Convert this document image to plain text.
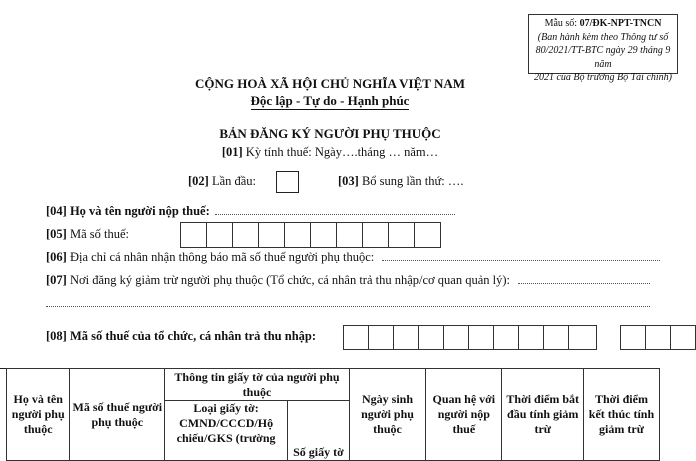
Mẫu số: 07/ĐK-NPT-TNCN
(Ban hành kèm theo Thông tư số
80/2021/TT-BTC ngày 29 tháng 9 năm
2021 của Bộ trưởng Bộ Tài chính)
CỘNG HOÀ XÃ HỘI CHỦ NGHĨA VIỆT NAM
Độc lập - Tự do - Hạnh phúc
BẢN ĐĂNG KÝ NGƯỜI PHỤ THUỘC
[01] Kỳ tính thuế: Ngày….tháng … năm…
[02] Lần đầu:	[03] Bổ sung lần thứ: ….
[04] Họ và tên người nộp thuế:
[05] Mã số thuế:
[06] Địa chỉ cá nhân nhận thông báo mã số thuế người phụ thuộc:
[07] Nơi đăng ký giảm trừ người phụ thuộc (Tổ chức, cá nhân trả thu nhập/cơ quan quản lý):
[08] Mã số thuế của tổ chức, cá nhân trả thu nhập:
Họ và tên người phụ thuộc	Mã số thuế người phụ thuộc	Thông tin giấy tờ của người phụ thuộc		Ngày sinh người phụ thuộc	Quan hệ với người nộp thuế	Thời điểm bắt đầu tính giảm trừ	Thời điểm kết thúc tính giảm trừ
		Loại giấy tờ: CMND/CCCD/Hộ chiếu/GKS (trường	Số giấy tờ				
